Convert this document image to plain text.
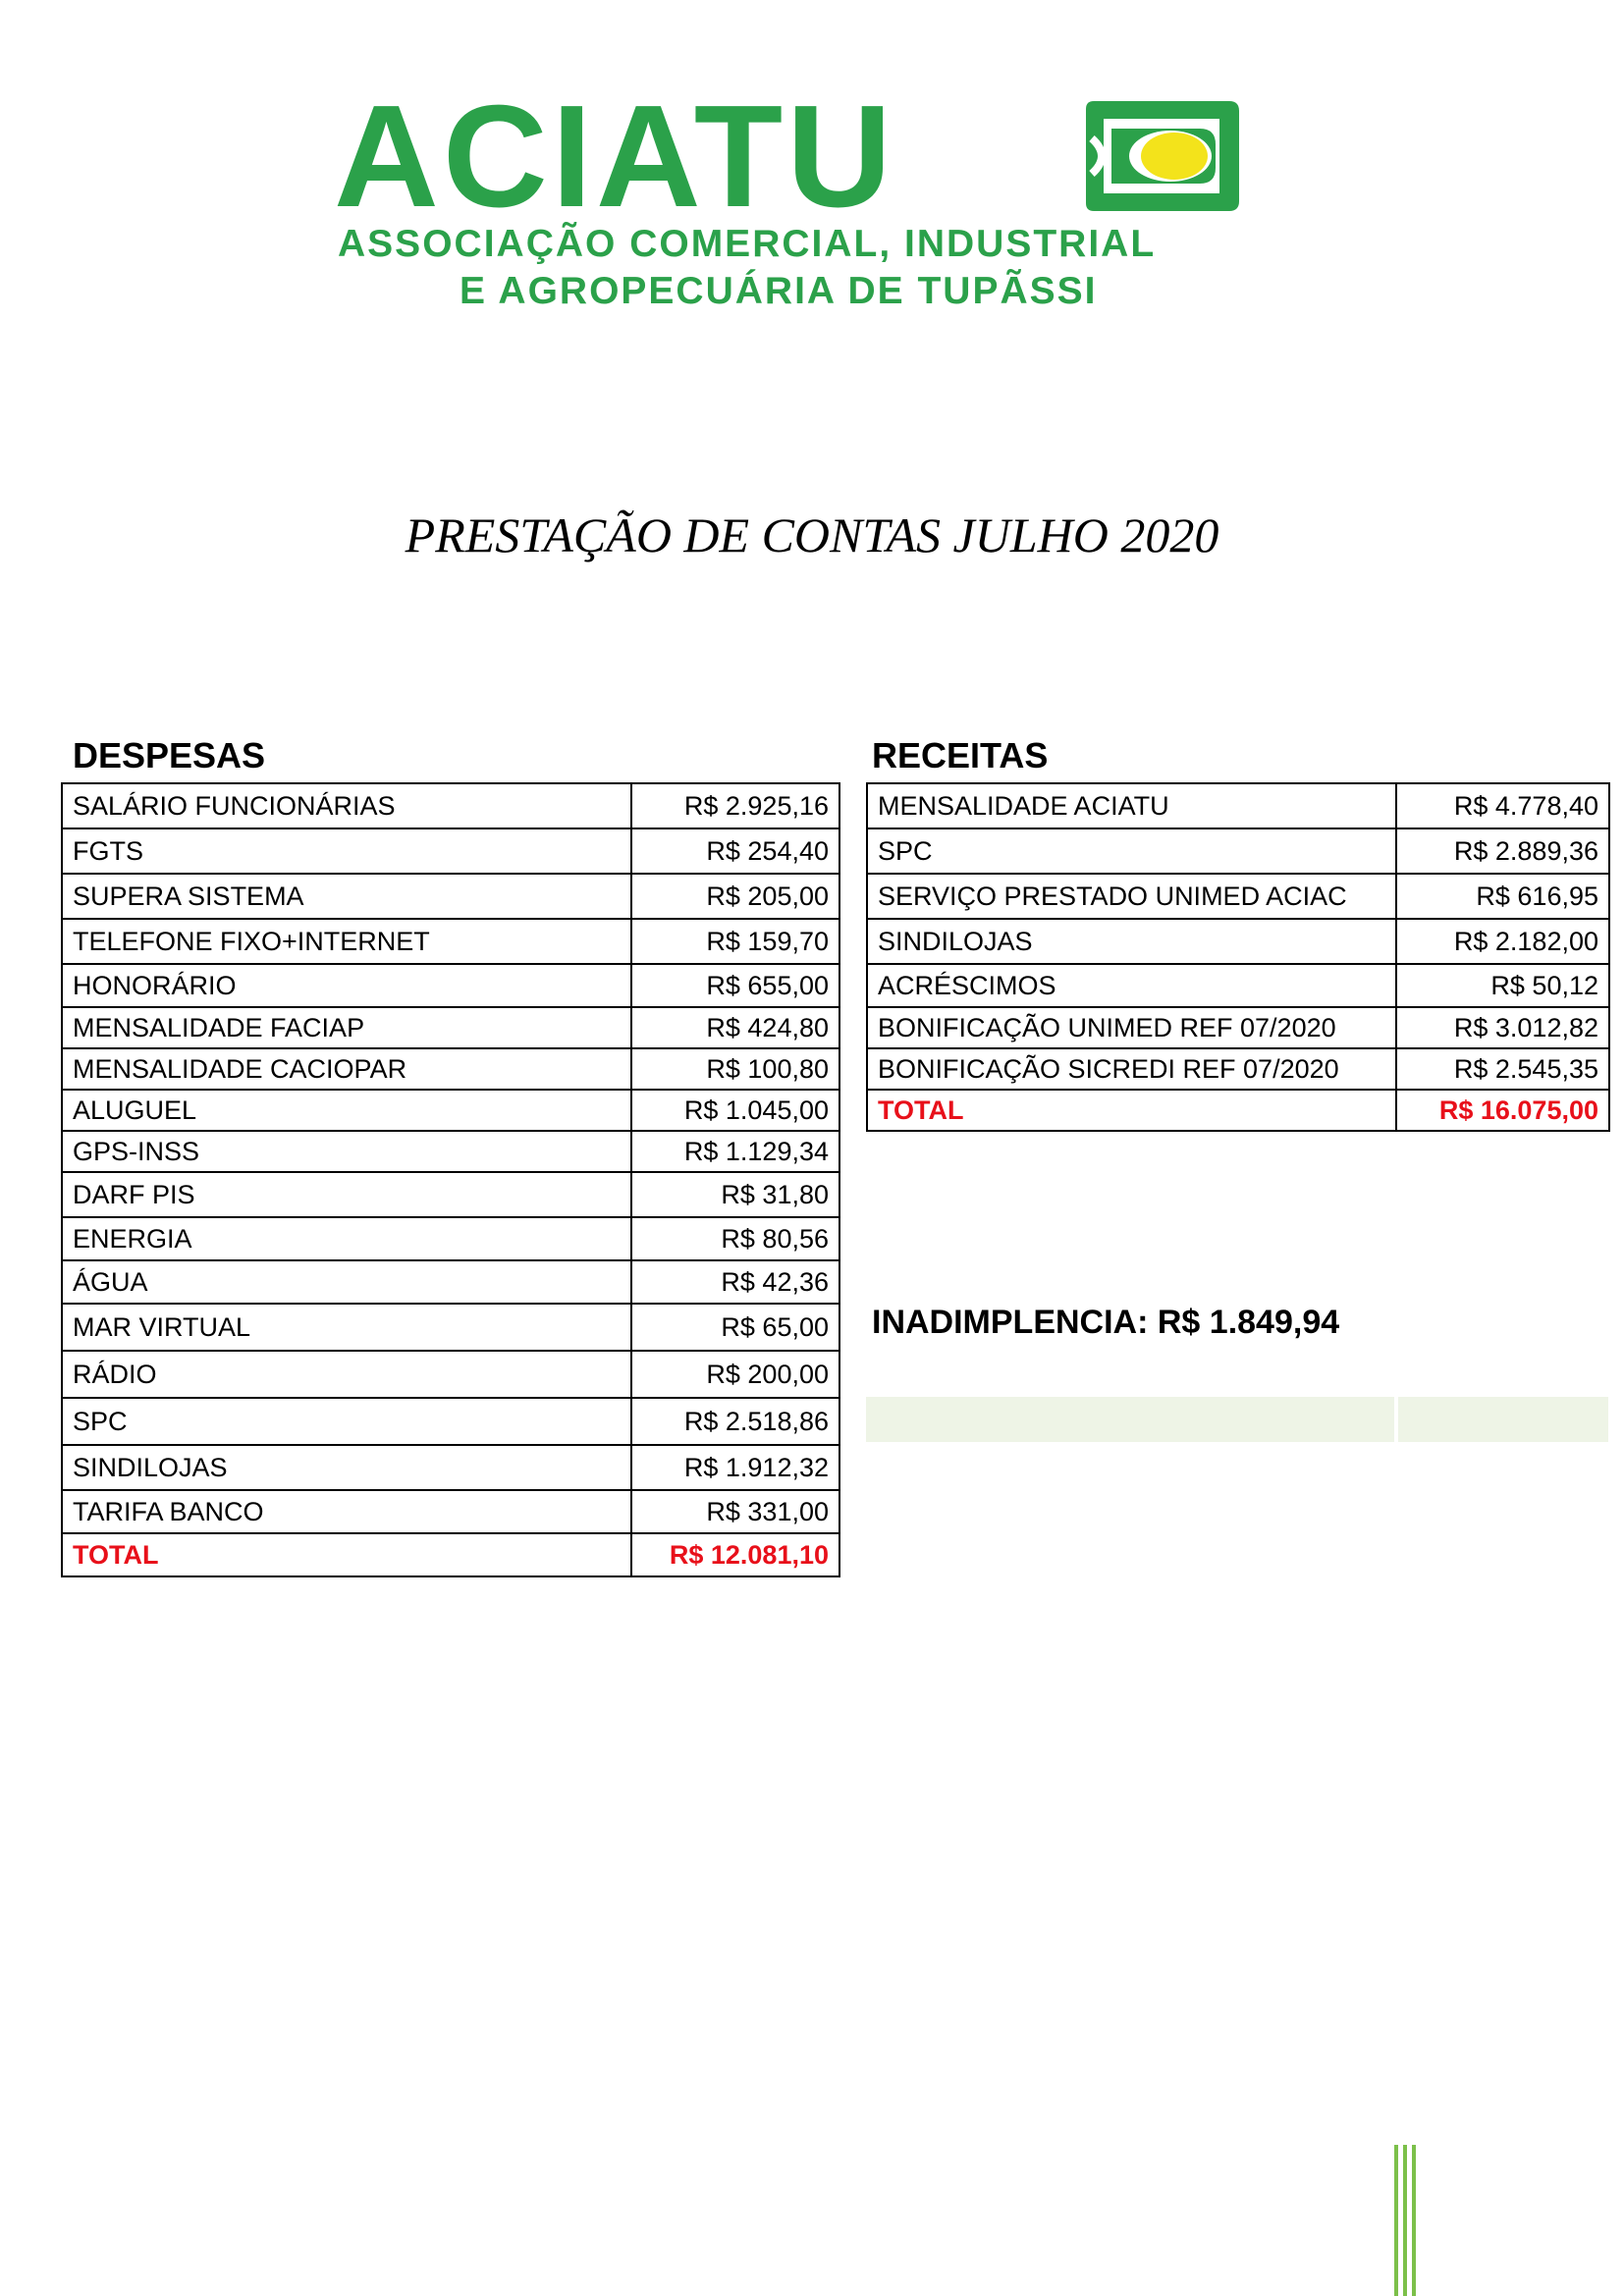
ACIATU
ASSOCIAÇÃO COMERCIAL, INDUSTRIAL
E AGROPECUÁRIA DE TUPÃSSI
PRESTAÇÃO DE CONTAS JULHO 2020
DESPESAS
SALÁRIO FUNCIONÁRIAS	R$ 2.925,16
FGTS	R$ 254,40
SUPERA SISTEMA	R$ 205,00
TELEFONE FIXO+INTERNET	R$ 159,70
HONORÁRIO	R$ 655,00
MENSALIDADE FACIAP	R$ 424,80
MENSALIDADE CACIOPAR	R$ 100,80
ALUGUEL	R$ 1.045,00
GPS-INSS	R$ 1.129,34
DARF PIS	R$ 31,80
ENERGIA	R$ 80,56
ÁGUA	R$ 42,36
MAR VIRTUAL	R$ 65,00
RÁDIO	R$ 200,00
SPC	R$ 2.518,86
SINDILOJAS	R$ 1.912,32
TARIFA BANCO	R$ 331,00
TOTAL	R$ 12.081,10
RECEITAS
MENSALIDADE ACIATU	R$ 4.778,40
SPC	R$ 2.889,36
SERVIÇO PRESTADO UNIMED ACIAC	R$ 616,95
SINDILOJAS	R$ 2.182,00
ACRÉSCIMOS	R$ 50,12
BONIFICAÇÃO UNIMED REF 07/2020	R$ 3.012,82
BONIFICAÇÃO SICREDI REF 07/2020	R$ 2.545,35
TOTAL	R$ 16.075,00
INADIMPLENCIA: R$ 1.849,94
